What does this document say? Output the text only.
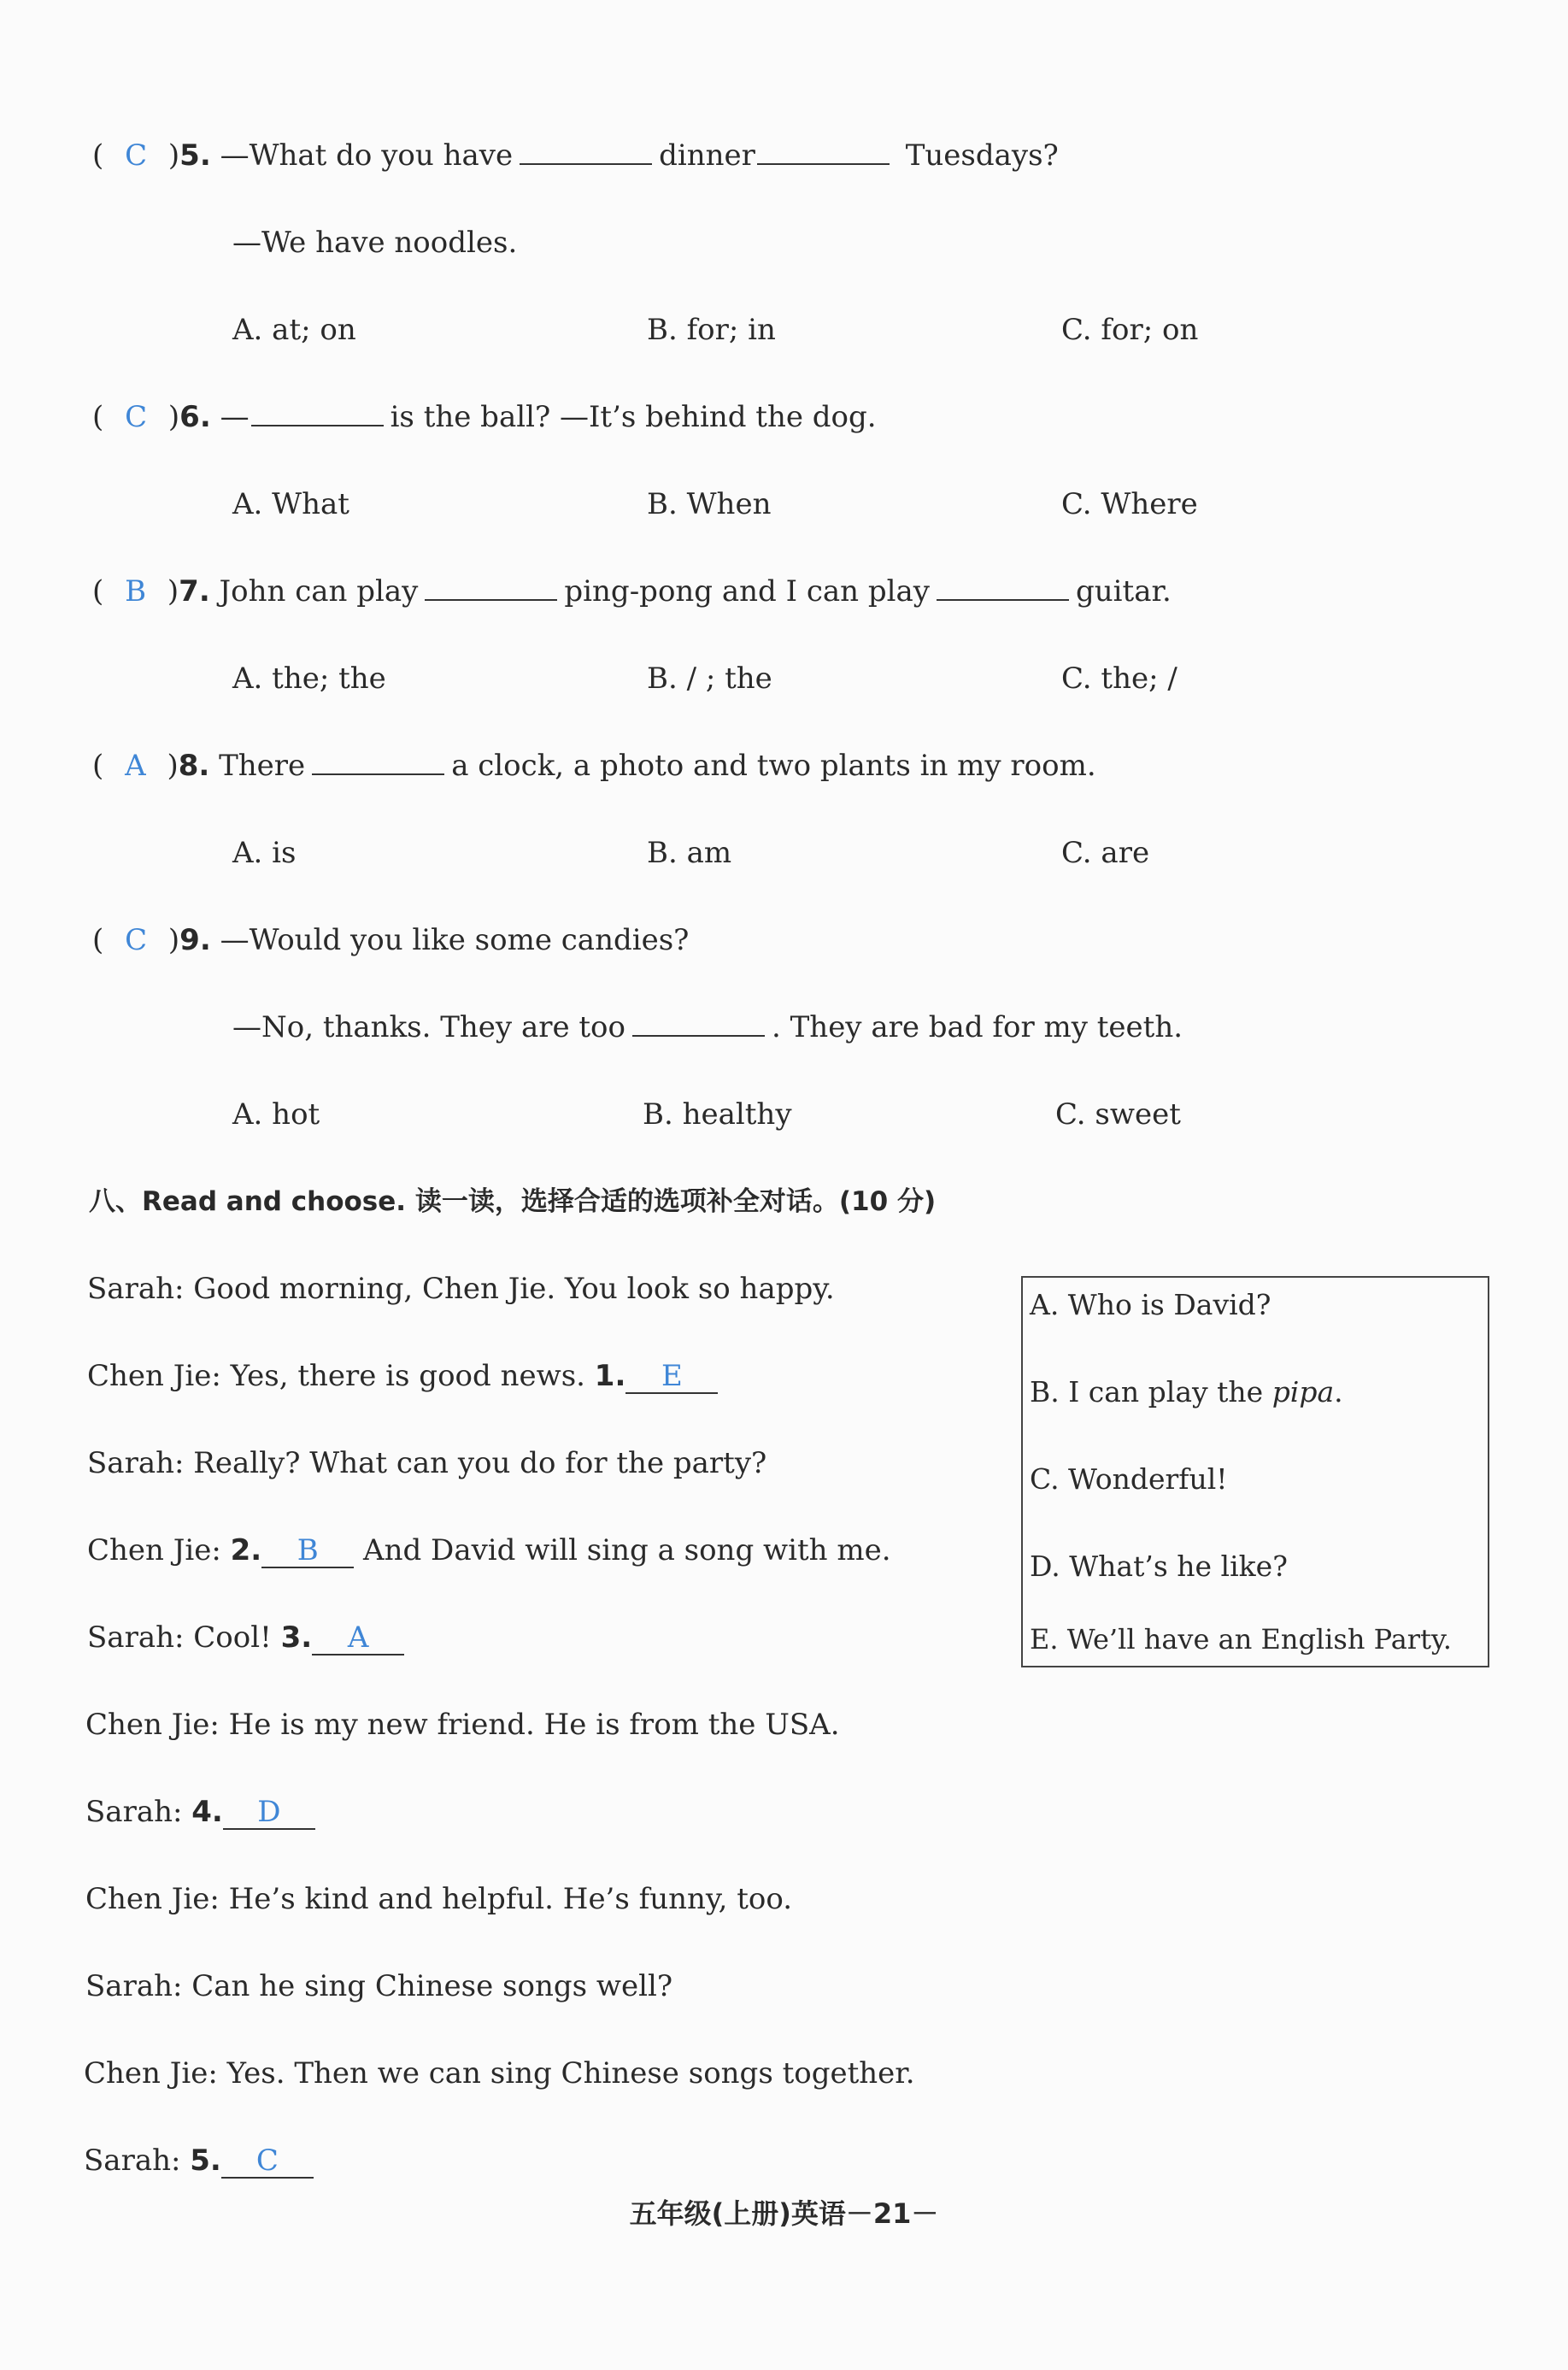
( C )5. —What do you have	dinner	Tuesdays?
—We have noodles.
A. at; on	B. for; in	C. for; on
( C )6. —	is the ball? —It’s behind the dog.
A. What	B. When	C. Where
( B )7. John can play	ping-pong and I can play	guitar.
A. the; the	B. / ; the	C. the; /
( A )8. There	a clock, a photo and two plants in my room.
A. is	B. am	C. are
( C )9. —Would you like some candies?
—No, thanks. They are too	. They are bad for my teeth.
A. hot	B. healthy	C. sweet
八、Read and choose. 读一读，选择合适的选项补全对话。(10 分)
Sarah: Good morning, Chen Jie. You look so happy.
Chen Jie: Yes, there is good news. 1. E
Sarah: Really? What can you do for the party?
Chen Jie: 2. B And David will sing a song with me.
Sarah: Cool! 3. A
Chen Jie: He is my new friend. He is from the USA.
Sarah: 4. D
Chen Jie: He’s kind and helpful. He’s funny, too.
Sarah: Can he sing Chinese songs well?
Chen Jie: Yes. Then we can sing Chinese songs together.
Sarah: 5. C
A. Who is David?
B. I can play the pipa.
C. Wonderful!
D. What’s he like?
E. We’ll have an English Party.
五年级(上册)英语－21－
